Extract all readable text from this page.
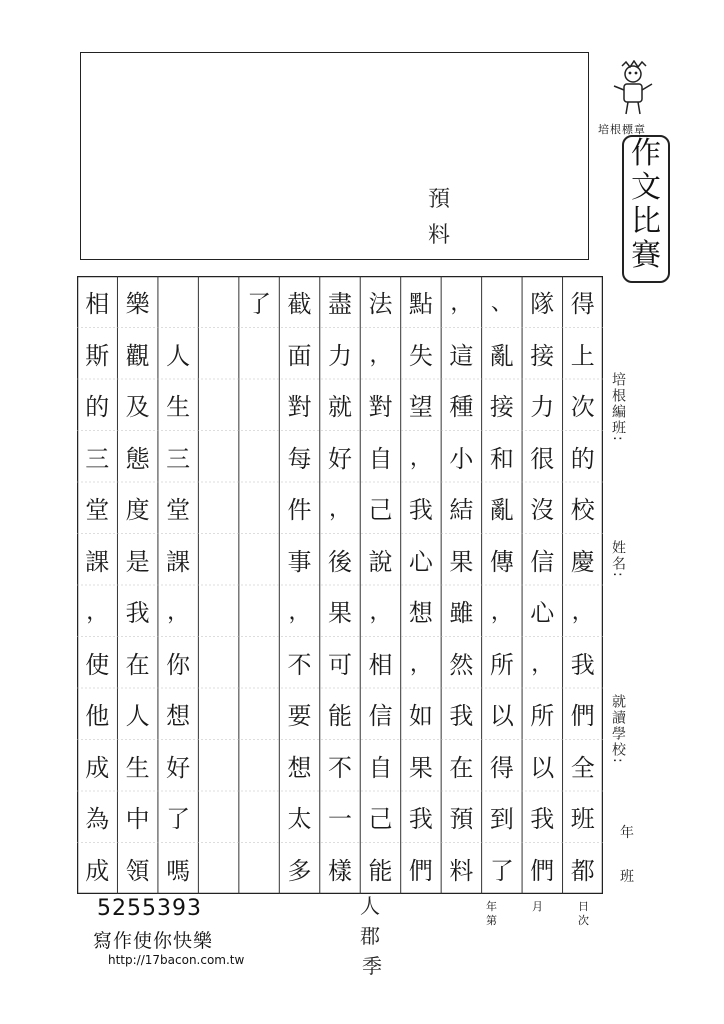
預
料
培根標章
作
文
比
賽
得
上
次
的
校
慶
，
我
們
全
班
都
隊
接
力
很
沒
信
心
，
所
以
我
們
、
亂
接
和
亂
傳
，
所
以
得
到
了
，
這
種
小
結
果
雖
然
我
在
預
料
點
失
望
，
我
心
想
，
如
果
我
們
法
，
對
自
己
說
，
相
信
自
己
能
盡
力
就
好
，
後
果
可
能
不
一
樣
截
面
對
每
件
事
，
不
要
想
太
多
了
人
生
三
堂
課
，
你
想
好
了
嗎
樂
觀
及
態
度
是
我
在
人
生
中
領
相
斯
的
三
堂
課
，
使
他
成
為
成
培根編班:
姓名:
就讀學校:
年
班
年
第
月	日
次
5255393
寫作使你快樂
http://17bacon.com.tw
人
郡
季
